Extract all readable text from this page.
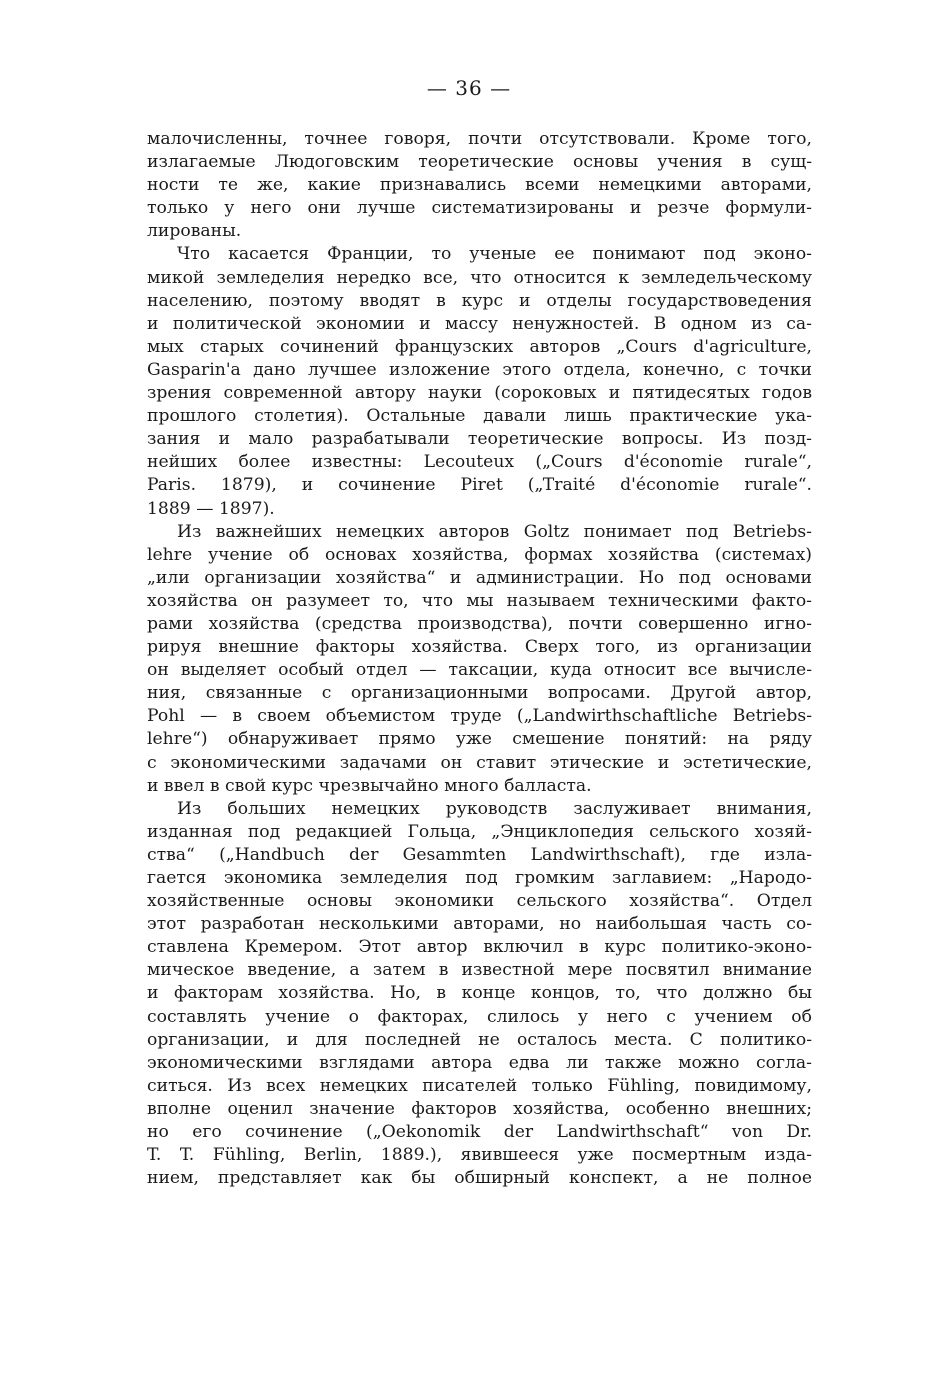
— 36 —
малочисленны, точнее говоря, почти отсутствовали. Кроме того,
излагаемые Людоговским теоретические основы учения в сущ-
ности те же, какие признавались всеми немецкими авторами,
только у него они лучше систематизированы и резче формули-
лированы.
Что касается Франции, то ученые ее понимают под эконо-
микой земледелия нередко все, что относится к земледельческому
населению, поэтому вводят в курс и отделы государствоведения
и политической экономии и массу ненужностей. В одном из са-
мых старых сочинений французских авторов „Cours d'agriculture,
Gasparin'а дано лучшее изложение этого отдела, конечно, с точки
зрения современной автору науки (сороковых и пятидесятых годов
прошлого столетия). Остальные давали лишь практические ука-
зания и мало разрабатывали теоретические вопросы. Из позд-
нейших более известны: Lecouteux („Cours d'économie rurale“,
Paris. 1879), и сочинение Piret („Traité d'économie rurale“.
1889 — 1897).
Из важнейших немецких авторов Goltz понимает под Betriebs-
lehre учение об основах хозяйства, формах хозяйства (системах)
„или организации хозяйства“ и администрации. Но под основами
хозяйства он разумеет то, что мы называем техническими факто-
рами хозяйства (средства производства), почти совершенно игно-
рируя внешние факторы хозяйства. Сверх того, из организации
он выделяет особый отдел — таксации, куда относит все вычисле-
ния, связанные с организационными вопросами. Другой автор,
Pohl — в своем объемистом труде („Landwirthschaftliche Betriebs-
lehre“) обнаруживает прямо уже смешение понятий: на ряду
с экономическими задачами он ставит этические и эстетические,
и ввел в свой курс чрезвычайно много балласта.
Из больших немецких руководств заслуживает внимания,
изданная под редакцией Гольца, „Энциклопедия сельского хозяй-
ства“ („Handbuch der Gesammten Landwirthschaft), где изла-
гается экономика земледелия под громким заглавием: „Народо-
хозяйственные основы экономики сельского хозяйства“. Отдел
этот разработан несколькими авторами, но наибольшая часть со-
ставлена Кремером. Этот автор включил в курс политико-эконо-
мическое введение, а затем в известной мере посвятил внимание
и факторам хозяйства. Но, в конце концов, то, что должно бы
составлять учение о факторах, слилось у него с учением об
организации, и для последней не осталось места. С политико-
экономическими взглядами автора едва ли также можно согла-
ситься. Из всех немецких писателей только Fühling, повидимому,
вполне оценил значение факторов хозяйства, особенно внешних;
но его сочинение („Oekonomik der Landwirthschaft“ von Dr.
T. T. Fühling, Berlin, 1889.), явившееся уже посмертным изда-
нием, представляет как бы обширный конспект, а не полное
